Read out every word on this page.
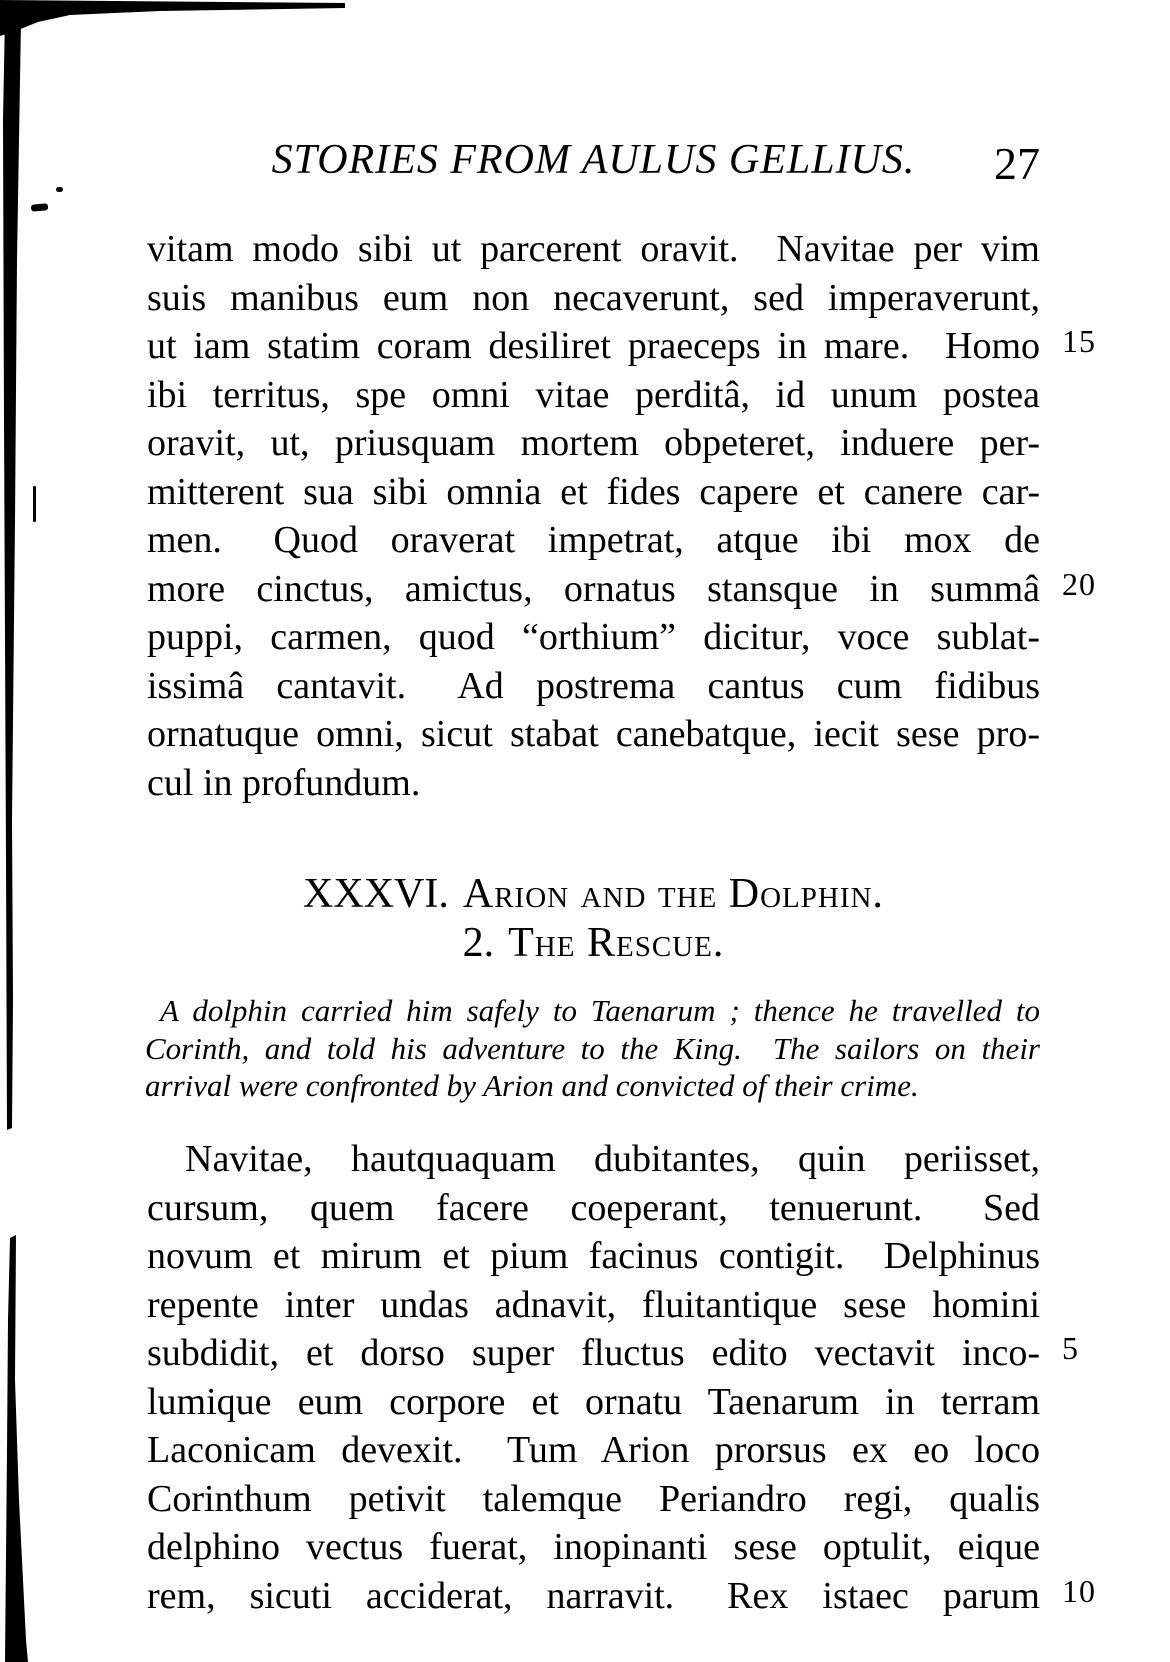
STORIES FROM AULUS GELLIUS.	27
vitam modo sibi ut parcerent oravit.  Navitae per vim
suis manibus eum non necaverunt, sed imperaverunt,
ut iam statim coram desiliret praeceps in mare.  Homo 15
ibi territus, spe omni vitae perditâ, id unum postea
oravit, ut, priusquam mortem obpeteret, induere per-
mitterent sua sibi omnia et fides capere et canere car-
men.  Quod oraverat impetrat, atque ibi mox de
more cinctus, amictus, ornatus stansque in summâ 20
puppi, carmen, quod “orthium” dicitur, voce sublat-
issimâ cantavit.  Ad postrema cantus cum fidibus
ornatuque omni, sicut stabat canebatque, iecit sese pro-
cul in profundum.
XXXVI. Arion and the Dolphin.
2. The Rescue.
A dolphin carried him safely to Taenarum ; thence he travelled to
Corinth, and told his adventure to the King.  The sailors on their
arrival were confronted by Arion and convicted of their crime.
Navitae, hautquaquam dubitantes, quin periisset,
cursum, quem facere coeperant, tenuerunt.  Sed
novum et mirum et pium facinus contigit.  Delphinus
repente inter undas adnavit, fluitantique sese homini
subdidit, et dorso super fluctus edito vectavit inco- 5
lumique eum corpore et ornatu Taenarum in terram
Laconicam devexit.  Tum Arion prorsus ex eo loco
Corinthum petivit talemque Periandro regi, qualis
delphino vectus fuerat, inopinanti sese optulit, eique
rem, sicuti acciderat, narravit.  Rex istaec parum 10
